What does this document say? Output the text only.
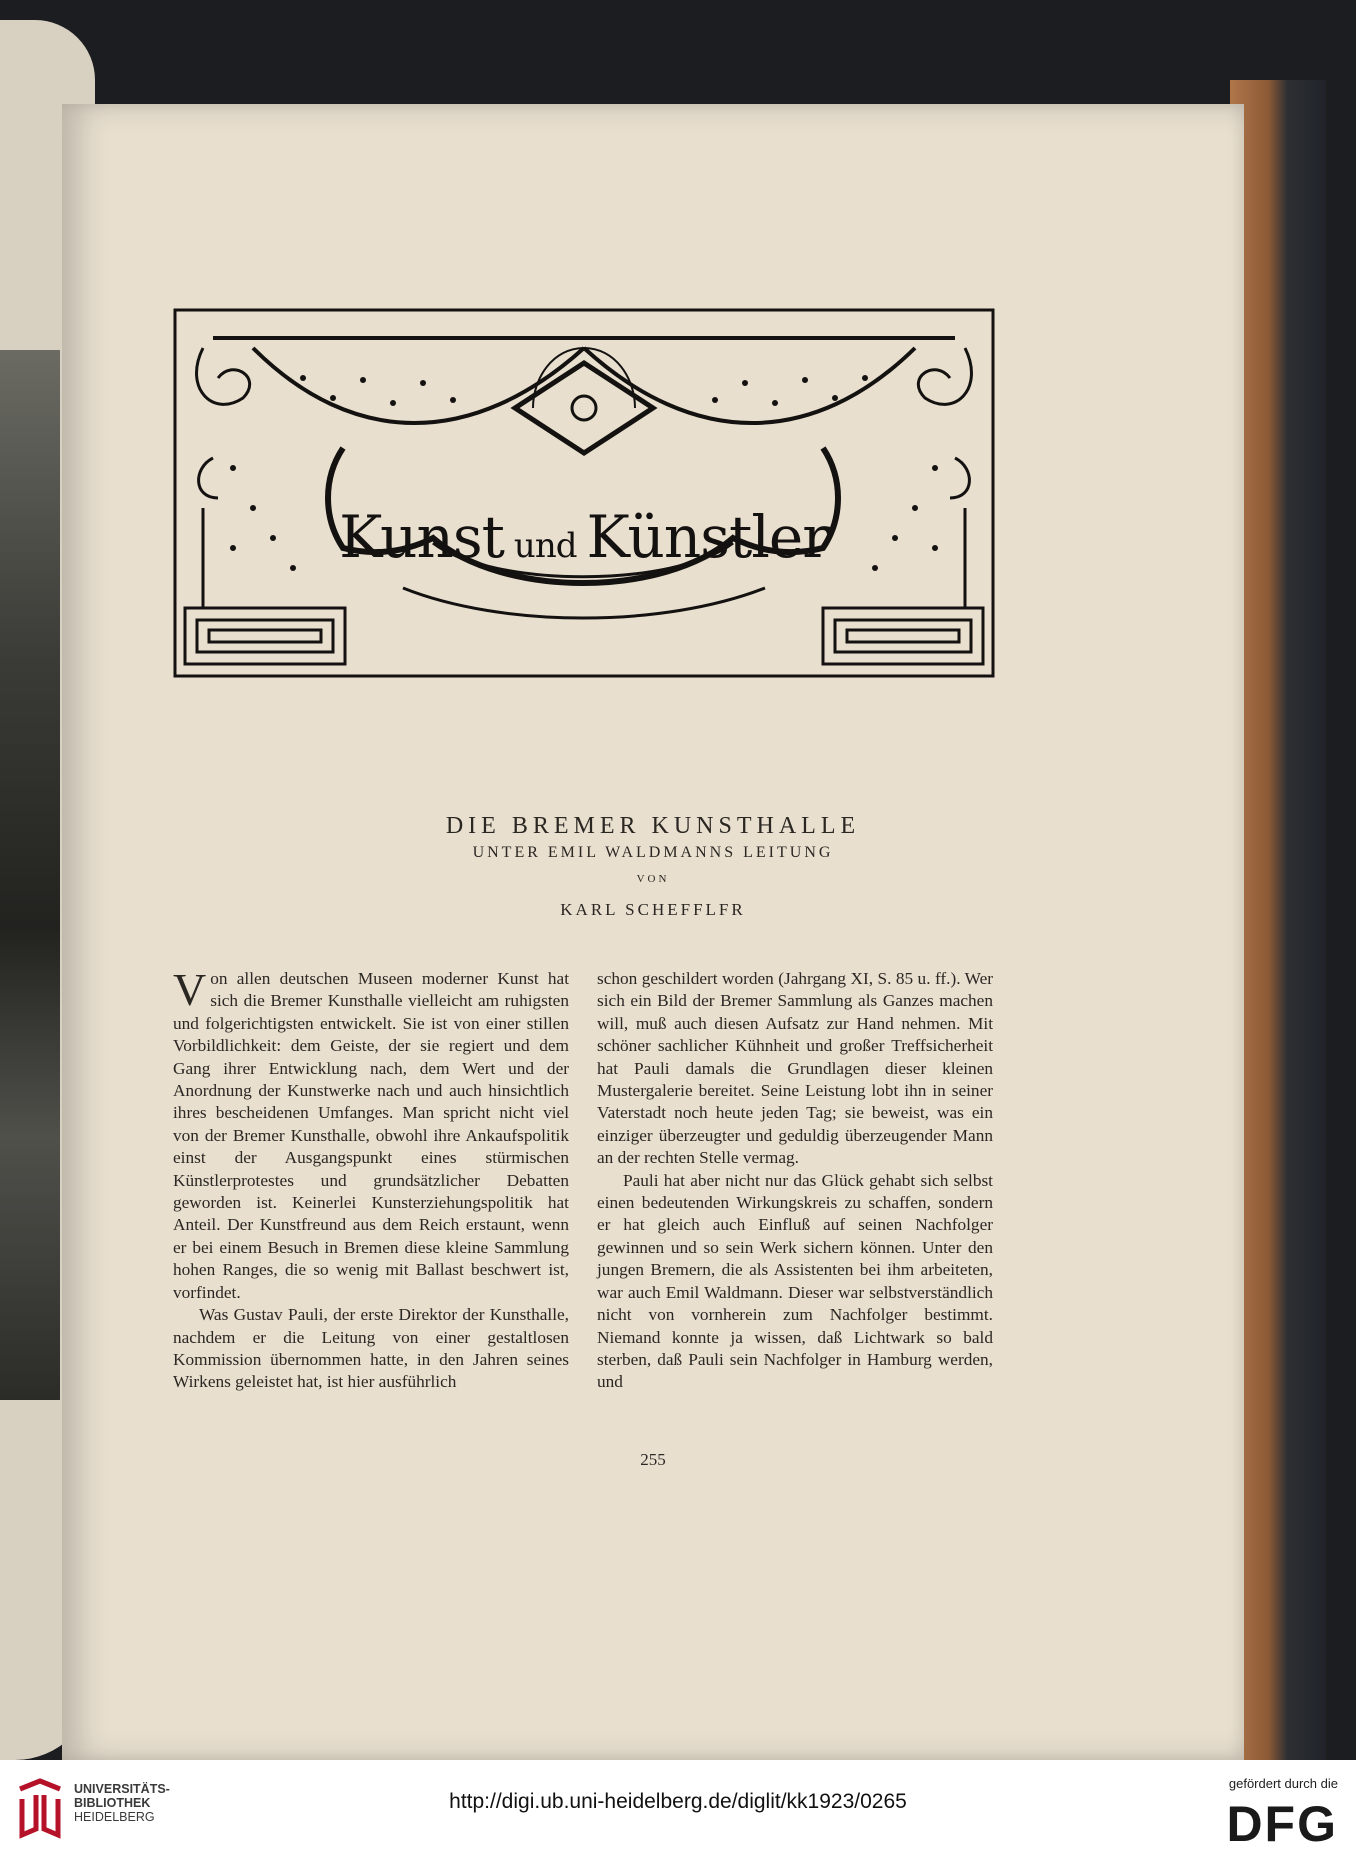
Kunst und Künstler
DIE BREMER KUNSTHALLE
UNTER EMIL WALDMANNS LEITUNG
VON
KARL SCHEFFLFR

Von allen deutschen Museen moderner Kunst hat sich die Bremer Kunsthalle vielleicht am ruhigsten und folgerichtigsten entwickelt. Sie ist von einer stillen Vorbildlichkeit: dem Geiste, der sie regiert und dem Gang ihrer Entwicklung nach, dem Wert und der Anordnung der Kunstwerke nach und auch hinsichtlich ihres bescheidenen Umfanges. Man spricht nicht viel von der Bremer Kunsthalle, obwohl ihre Ankaufspolitik einst der Ausgangspunkt eines stürmischen Künstlerprotestes und grundsätzlicher Debatten geworden ist. Keinerlei Kunsterziehungspolitik hat Anteil. Der Kunstfreund aus dem Reich erstaunt, wenn er bei einem Besuch in Bremen diese kleine Sammlung hohen Ranges, die so wenig mit Ballast beschwert ist, vorfindet.

Was Gustav Pauli, der erste Direktor der Kunsthalle, nachdem er die Leitung von einer gestaltlosen Kommission übernommen hatte, in den Jahren seines Wirkens geleistet hat, ist hier ausführlich

schon geschildert worden (Jahrgang XI, S. 85 u. ff.). Wer sich ein Bild der Bremer Sammlung als Ganzes machen will, muß auch diesen Aufsatz zur Hand nehmen. Mit schöner sachlicher Kühnheit und großer Treffsicherheit hat Pauli damals die Grundlagen dieser kleinen Mustergalerie bereitet. Seine Leistung lobt ihn in seiner Vaterstadt noch heute jeden Tag; sie beweist, was ein einziger überzeugter und geduldig überzeugender Mann an der rechten Stelle vermag.

Pauli hat aber nicht nur das Glück gehabt sich selbst einen bedeutenden Wirkungskreis zu schaffen, sondern er hat gleich auch Einfluß auf seinen Nachfolger gewinnen und so sein Werk sichern können. Unter den jungen Bremern, die als Assistenten bei ihm arbeiteten, war auch Emil Waldmann. Dieser war selbstverständlich nicht von vornherein zum Nachfolger bestimmt. Niemand konnte ja wissen, daß Lichtwark so bald sterben, daß Pauli sein Nachfolger in Hamburg werden, und

255
UNIVERSITÄTS-
BIBLIOTHEK
HEIDELBERG
http://digi.ub.uni-heidelberg.de/diglit/kk1923/0265
gefördert durch die
DFG
